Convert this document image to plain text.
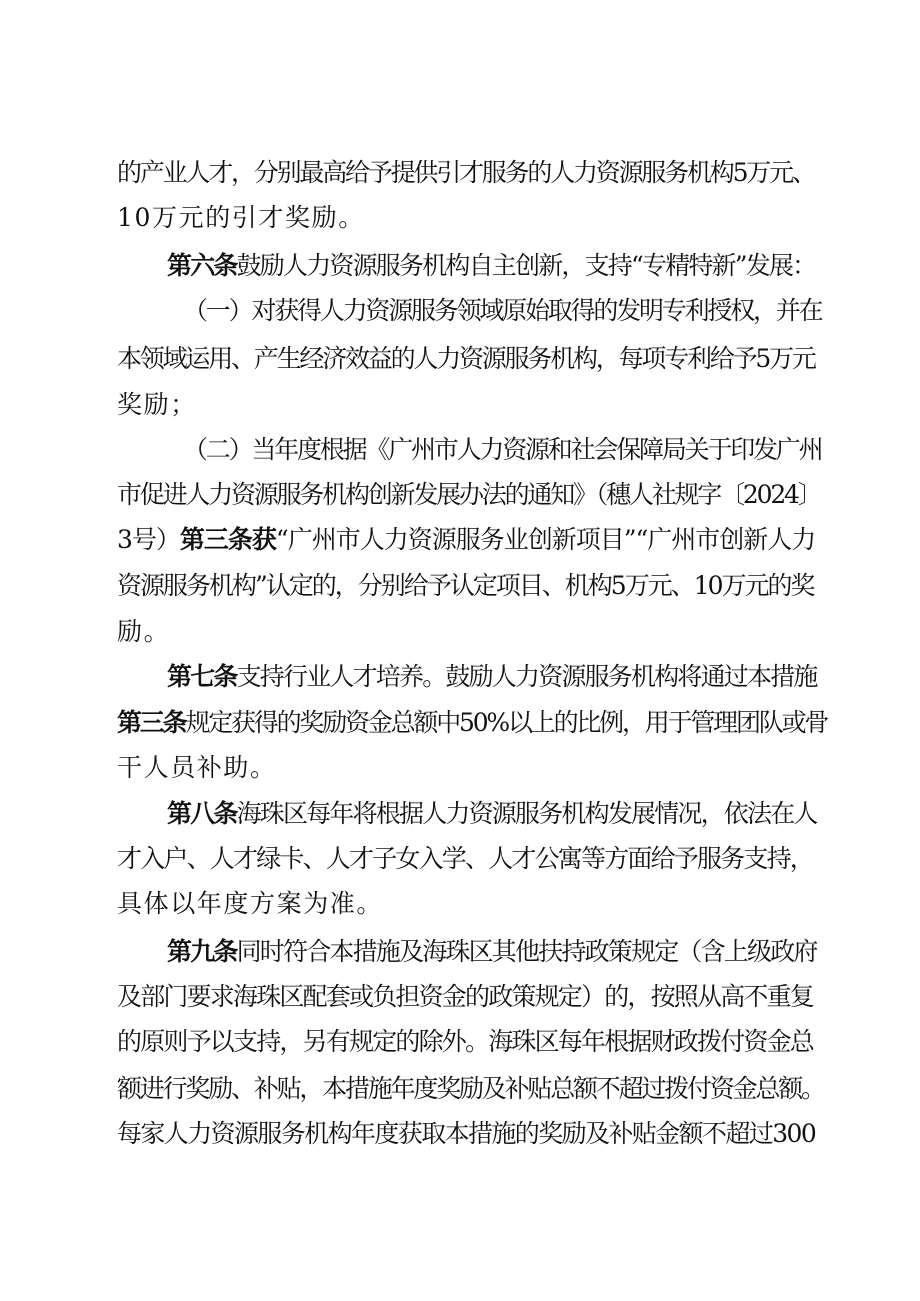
的产业人才，分别最高给予提供引才服务的人力资源服务机构5万元、
10万元的引才奖励。
第六条鼓励人力资源服务机构自主创新，支持“专精特新”发展：
（一）对获得人力资源服务领域原始取得的发明专利授权，并在
本领域运用、产生经济效益的人力资源服务机构，每项专利给予5万元
奖励；
（二）当年度根据《广州市人力资源和社会保障局关于印发广州
市促进人力资源服务机构创新发展办法的通知》（穗人社规字〔2024〕
3号）第三条获“广州市人力资源服务业创新项目”“广州市创新人力
资源服务机构”认定的，分别给予认定项目、机构5万元、10万元的奖
励。
第七条支持行业人才培养。鼓励人力资源服务机构将通过本措施
第三条规定获得的奖励资金总额中50%以上的比例，用于管理团队或骨
干人员补助。
第八条海珠区每年将根据人力资源服务机构发展情况，依法在人
才入户、人才绿卡、人才子女入学、人才公寓等方面给予服务支持，
具体以年度方案为准。
第九条同时符合本措施及海珠区其他扶持政策规定（含上级政府
及部门要求海珠区配套或负担资金的政策规定）的，按照从高不重复
的原则予以支持，另有规定的除外。海珠区每年根据财政拨付资金总
额进行奖励、补贴，本措施年度奖励及补贴总额不超过拨付资金总额。
每家人力资源服务机构年度获取本措施的奖励及补贴金额不超过300
